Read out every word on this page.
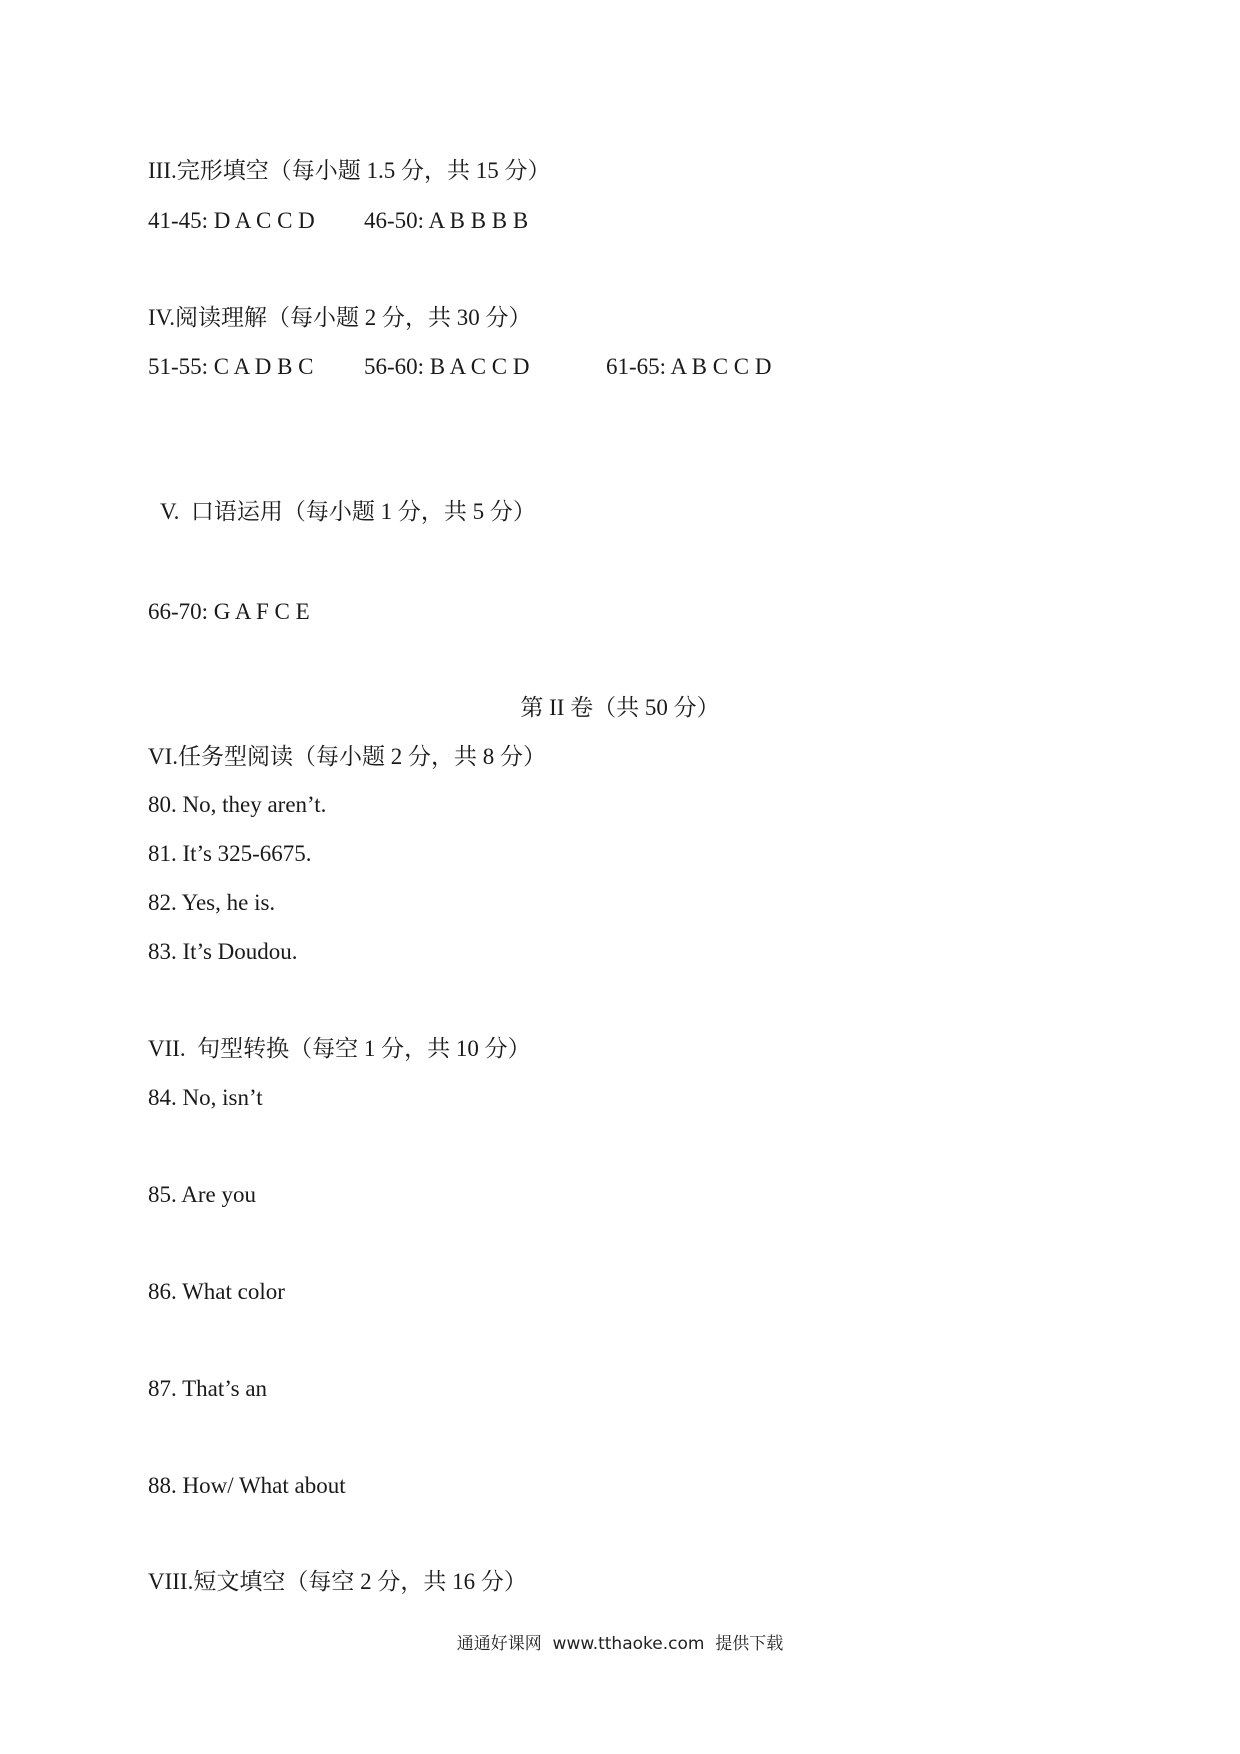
III.完形填空（每小题 1.5 分，共 15 分）
41-45: D A C C D 46-50: A B B B B
IV.阅读理解（每小题 2 分，共 30 分）
51-55: C A D B C 56-60: B A C C D	61-65: A B C C D
V.  口语运用（每小题 1 分，共 5 分）
66-70: G A F C E
第 II 卷（共 50 分）
VI.任务型阅读（每小题 2 分，共 8 分）
80. No, they aren’t.
81. It’s 325-6675.
82. Yes, he is.
83. It’s Doudou.
VII.  句型转换（每空 1 分，共 10 分）
84. No, isn’t
85. Are you
86. What color
87. That’s an
88. How/ What about
VIII.短文填空（每空 2 分，共 16 分）
通通好课网  www.tthaoke.com  提供下载
